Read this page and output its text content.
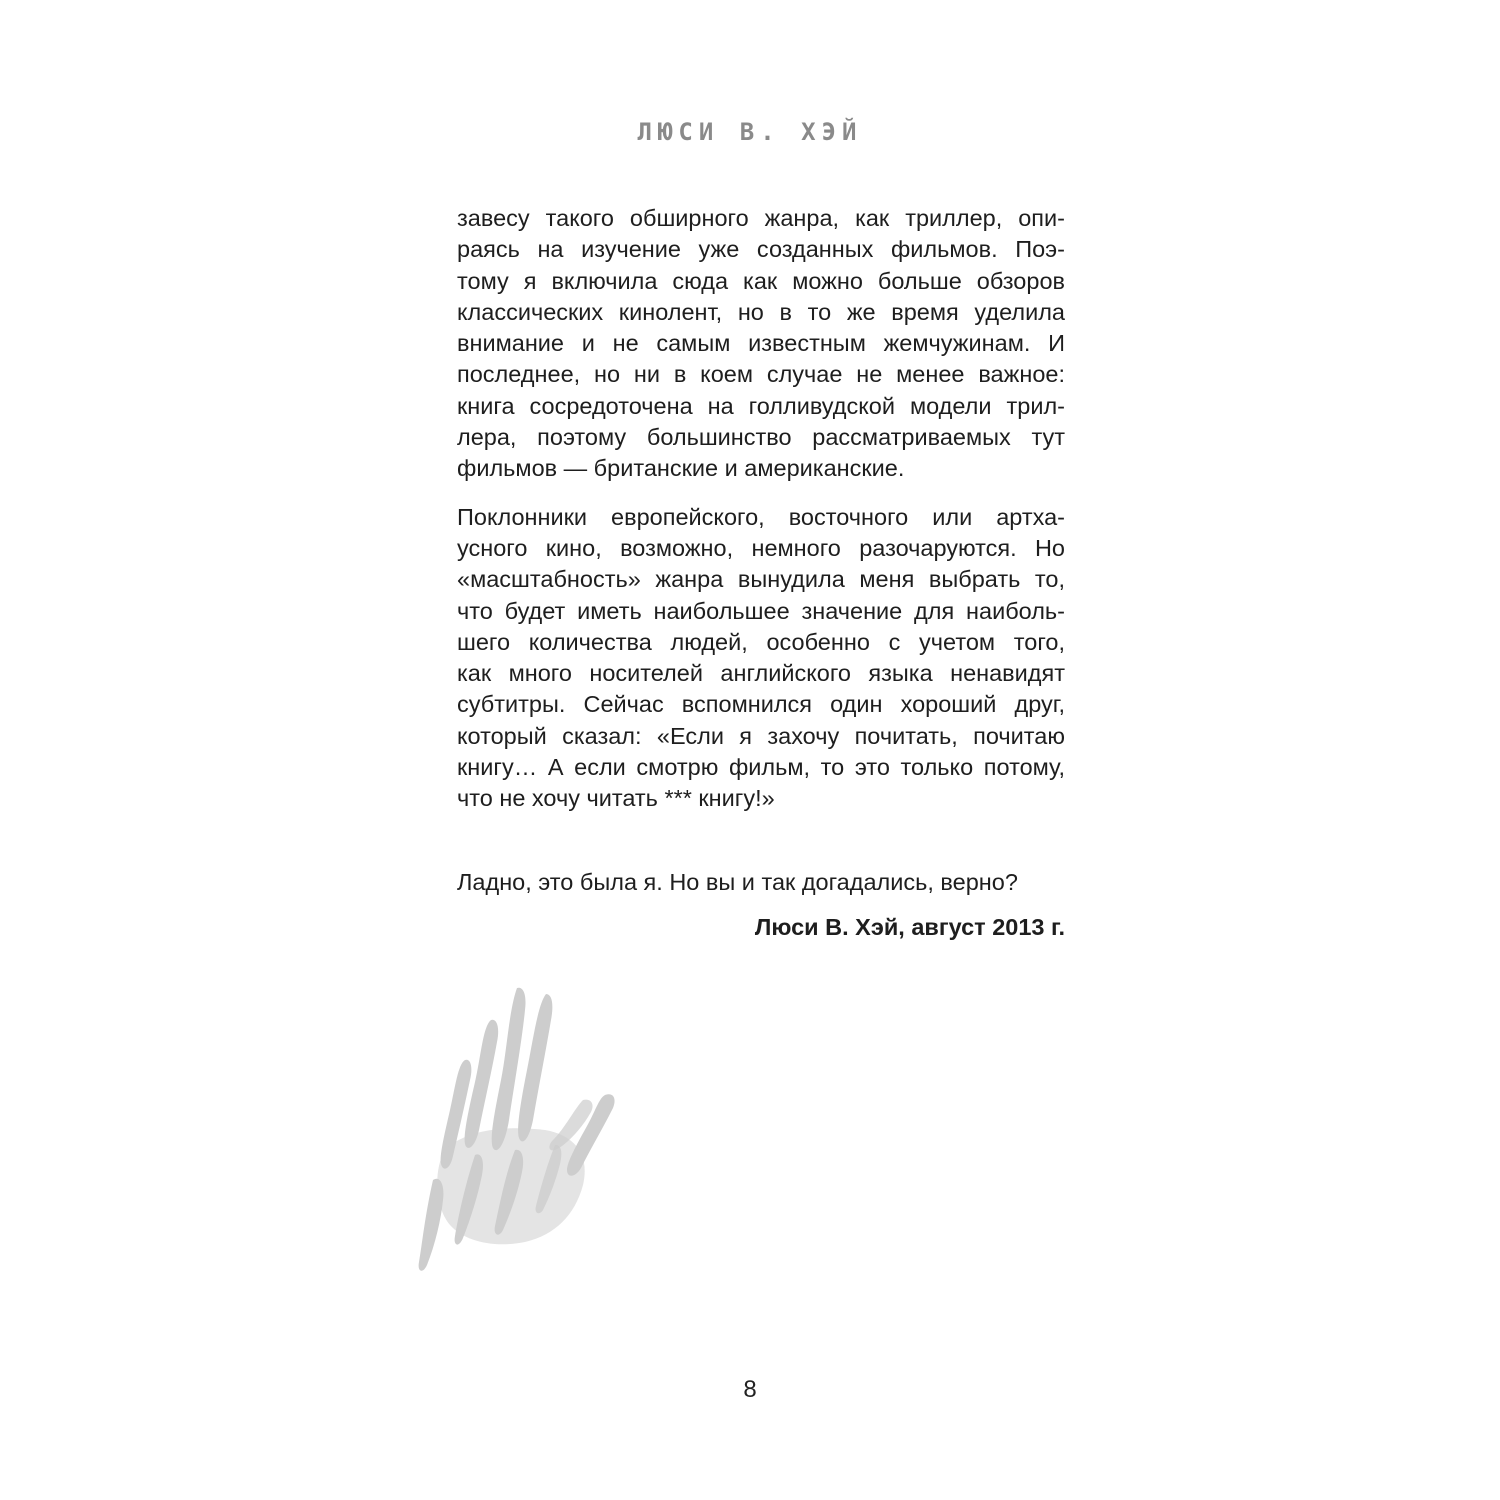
ЛЮСИ В. ХЭЙ
завесу такого обширного жанра, как триллер, опи-
раясь на изучение уже созданных фильмов. Поэ-
тому я включила сюда как можно больше обзоров
классических кинолент, но в то же время уделила
внимание и не самым известным жемчужинам. И
последнее, но ни в коем случае не менее важное:
книга сосредоточена на голливудской модели трил-
лера, поэтому большинство рассматриваемых тут
фильмов — британские и американские.
Поклонники европейского, восточного или артха-
усного кино, возможно, немного разочаруются. Но
«масштабность» жанра вынудила меня выбрать то,
что будет иметь наибольшее значение для наиболь-
шего количества людей, особенно с учетом того,
как много носителей английского языка ненавидят
субтитры. Сейчас вспомнился один хороший друг,
который сказал: «Если я захочу почитать, почитаю
книгу… А если смотрю фильм, то это только потому,
что не хочу читать *** книгу!»
Ладно, это была я. Но вы и так догадались, верно?
Люси В. Хэй, август 2013 г.
8
